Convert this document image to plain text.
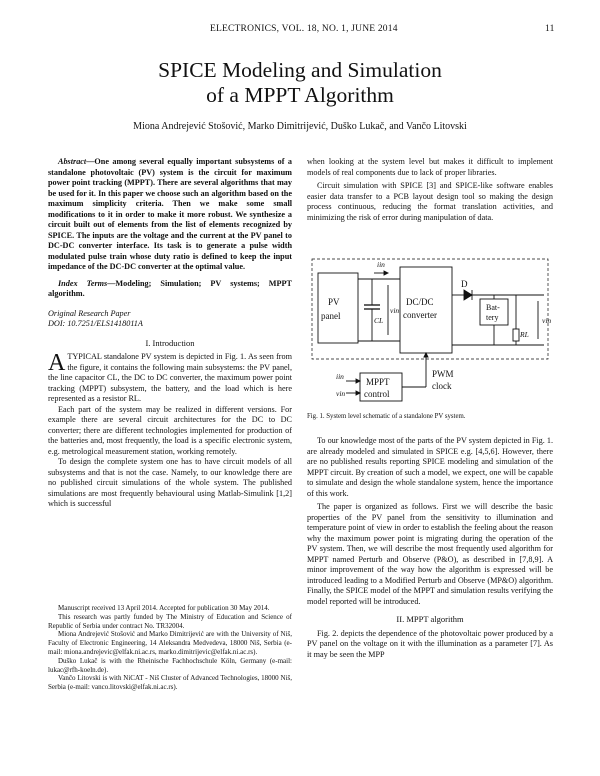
ELECTRONICS, VOL. 18, NO. 1, JUNE 2014	11
SPICE Modeling and Simulation
of a MPPT Algorithm
Miona Andrejević Stošović, Marko Dimitrijević, Duško Lukač, and Vančo Litovski

Abstract—One among several equally important subsystems of a standalone photovoltaic (PV) system is the circuit for maximum power point tracking (MPPT). There are several algorithms that may be used for it. In this paper we choose such an algorithm based on the maximum simplicity criteria. Then we make some small modifications to it in order to make it more robust. We synthesize a circuit built out of elements from the list of elements recognized by SPICE. The inputs are the voltage and the current at the PV panel to DC-DC converter interface. Its task is to generate a pulse width modulated pulse train whose duty ratio is defined to keep the input impedance of the DC-DC converter at the optimal value.

Index Terms—Modeling; Simulation; PV systems; MPPT algorithm.

Original Research Paper

DOI: 10.7251/ELS1418011A

I. Introduction

ATYPICAL standalone PV system is depicted in Fig. 1. As seen from the figure, it contains the following main subsystems: the PV panel, the line capacitor CL, the DC to DC converter, the maximum power point tracking (MPPT) subsystem, the battery, and the load which is here represented as a resistor RL.

Each part of the system may be realized in different versions. For example there are several circuit architectures for the DC to DC converter; there are different technologies implemented for production of the batteries and, most frequently, the load is a specific electronic system, e.g. metrological measurement station, working remotely.

To design the complete system one has to have circuit models of all subsystems and that is not the case. Namely, to our knowledge there are no published circuit simulations of the whole system. The published simulations are most frequently behavioural using Matlab-Simulink [1,2] which is successful

Manuscript received 13 April 2014. Accepted for publication 30 May 2014.

This research was partly funded by The Ministry of Education and Science of Republic of Serbia under contract No. TR32004.

Miona Andrejević Stošović and Marko Dimitrijević are with the University of Niš, Faculty of Electronic Engineering, 14 Aleksandra Medvedeva, 18000 Niš, Serbia (e-mail: miona.andrejevic@elfak.ni.ac.rs, marko.dimitrijevic@elfak.ni.ac.rs).

Duško Lukač is with the Rheinische Fachhochschule Köln, Germany (e-mail: lukac@rfh-koeln.de).

Vančo Litovski is with NiCAT - Niš Cluster of Advanced Technologies, 18000 Niš, Serbia (e-mail: vanco.litovski@elfak.ni.ac.rs).

when looking at the system level but makes it difficult to implement models of real components due to lack of proper libraries.

Circuit simulation with SPICE [3] and SPICE-like software enables easier data transfer to a PCB layout design tool so making the design process continuous, reducing the format translation activities, and minimizing the risk of error during manipulation of data.

PV
panel
DC/DC
converter
Bat-
tery
MPPT
control
PWM
clock
D
CL
RL
iin
vin
vin
iin
vin
Fig. 1. System level schematic of a standalone PV system.

To our knowledge most of the parts of the PV system depicted in Fig. 1. are already modeled and simulated in SPICE e.g. [4,5,6]. However, there are no published results reporting SPICE modeling and simulation of the MPPT circuit. By creation of such a model, we expect, one will be capable to simulate and design the whole standalone system, hence the importance of this work.

The paper is organized as follows. First we will describe the basic properties of the PV panel from the sensitivity to illumination and temperature point of view in order to establish the feeling about the reason why the maximum power point is migrating during the operation of the PV system. Then, we will describe the most frequently used algorithm for MPPT named Perturb and Observe (P&O), as described in [7,8,9]. A minor improvement of the way how the algorithm is expressed will be introduced leading to a Modified Perturb and Observe (MP&O) algorithm. Finally, the SPICE model of the MPPT and simulation results verifying the model reported will be introduced.

II. MPPT algorithm

Fig. 2. depicts the dependence of the photovoltaic power produced by a PV panel on the voltage on it with the illumination as a parameter [7]. As it may be seen the MPP
